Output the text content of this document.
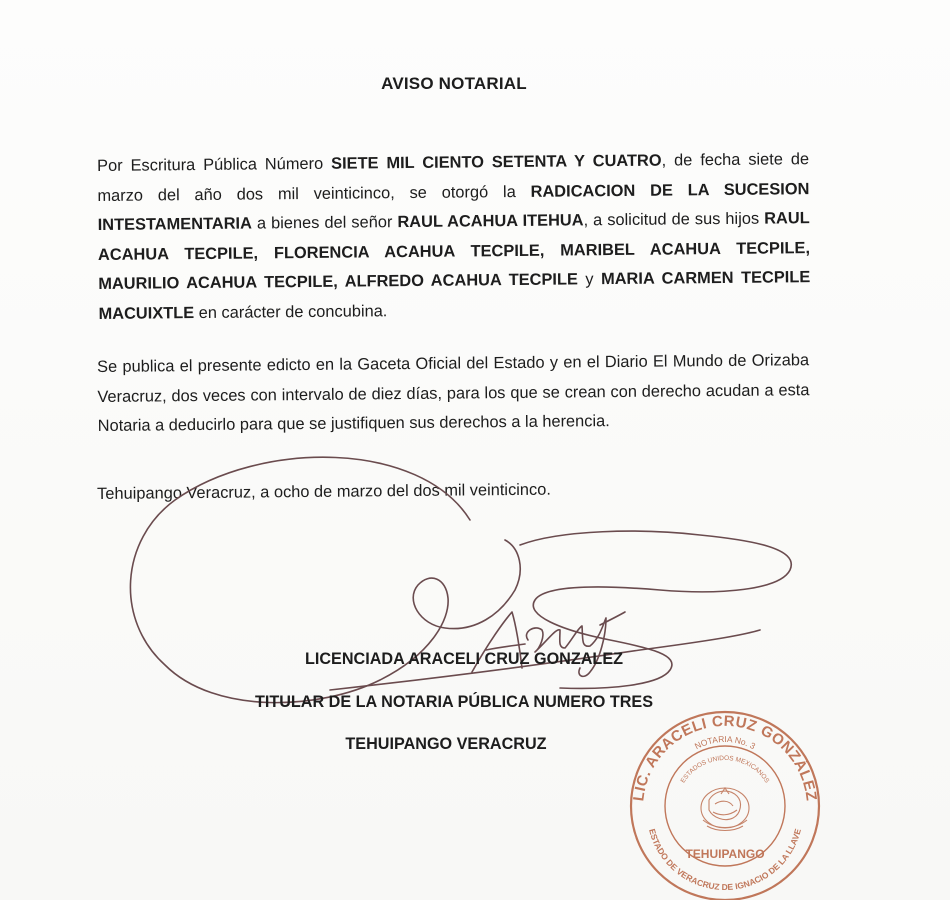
AVISO NOTARIAL
Por Escritura Pública Número SIETE MIL CIENTO SETENTA Y CUATRO, de fecha siete de marzo del año dos mil veinticinco, se otorgó la RADICACION DE LA SUCESION INTESTAMENTARIA a bienes del señor RAUL ACAHUA ITEHUA, a solicitud de sus hijos RAUL ACAHUA TECPILE, FLORENCIA ACAHUA TECPILE, MARIBEL ACAHUA TECPILE, MAURILIO ACAHUA TECPILE, ALFREDO ACAHUA TECPILE y MARIA CARMEN TECPILE MACUIXTLE en carácter de concubina.
Se publica el presente edicto en la Gaceta Oficial del Estado y en el Diario El Mundo de Orizaba Veracruz, dos veces con intervalo de diez días, para los que se crean con derecho acudan a esta Notaria a deducirlo para que se justifiquen sus derechos a la herencia.
Tehuipango Veracruz, a ocho de marzo del dos mil veinticinco.
LICENCIADA ARACELI CRUZ GONZALEZ
TITULAR DE LA NOTARIA PÚBLICA NUMERO TRES
TEHUIPANGO VERACRUZ
LIC. ARACELI CRUZ GONZÁLEZ
ESTADO DE VERACRUZ DE IGNACIO DE LA LLAVE
NOTARIA No. 3
ESTADOS UNIDOS MEXICANOS
TEHUIPANGO
